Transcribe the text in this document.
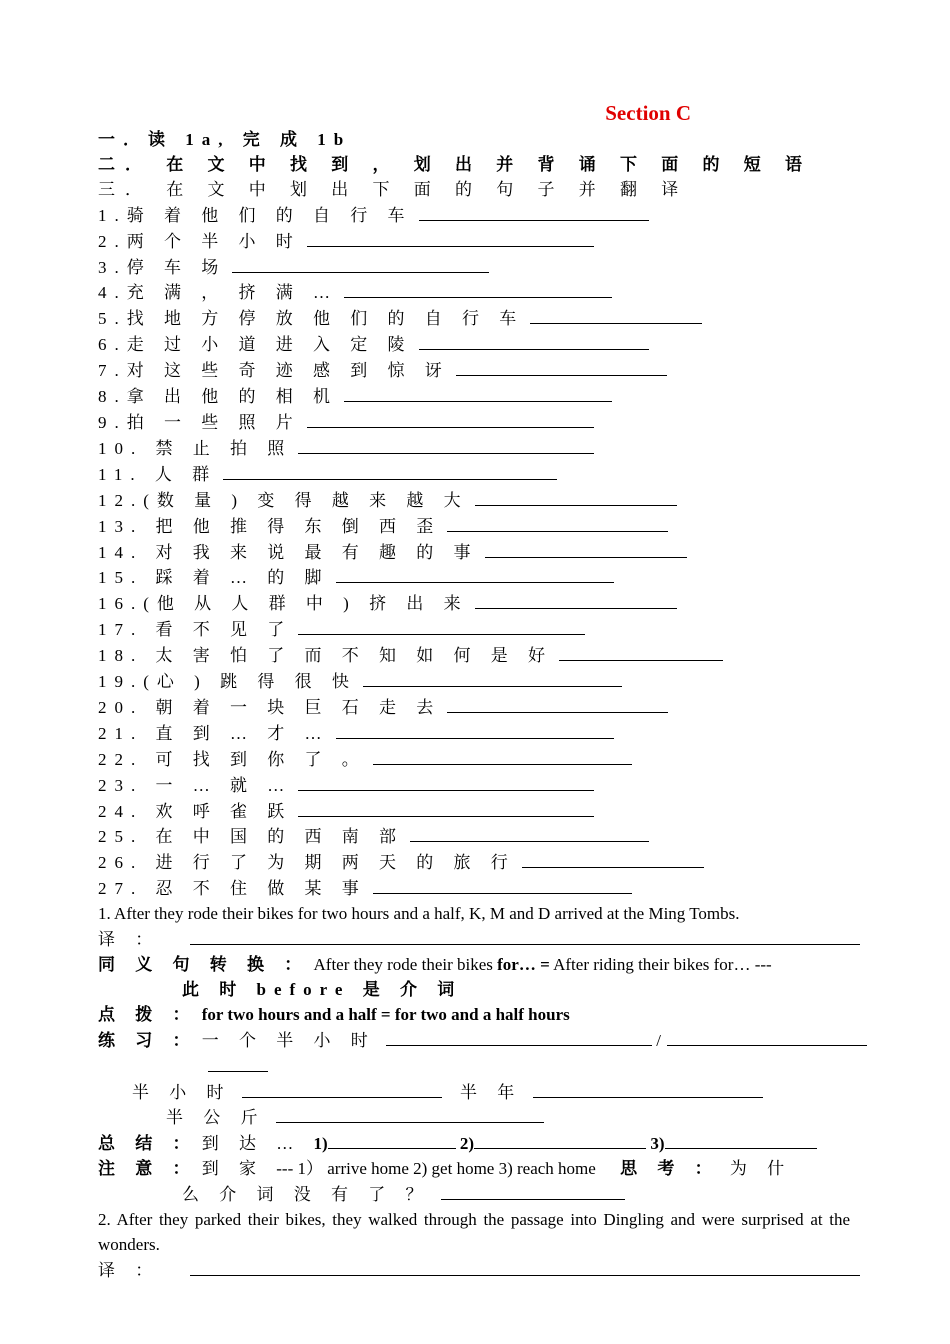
Section C
一．读 1a, 完 成 1b
二． 在 文 中 找 到 ， 划 出 并 背 诵 下 面 的 短 语
三． 在 文 中 划 出 下 面 的 句 子 并 翻 译
1.骑 着 他 们 的 自 行 车
2.两 个 半 小 时
3.停 车 场
4.充 满 ， 挤 满 …
5.找 地 方 停 放 他 们 的 自 行 车
6.走 过 小 道 进 入 定 陵
7.对 这 些 奇 迹 感 到 惊 讶
8.拿 出 他 的 相 机
9.拍 一 些 照 片
10. 禁 止 拍 照
11. 人 群
12.(数 量 ) 变 得 越 来 越 大
13. 把 他 推 得 东 倒 西 歪
14. 对 我 来 说 最 有 趣 的 事
15. 踩 着 … 的 脚
16.(他 从 人 群 中 ) 挤 出 来
17. 看 不 见 了
18. 太 害 怕 了 而 不 知 如 何 是 好
19.(心 ) 跳 得 很 快
20. 朝 着 一 块 巨 石 走 去
21. 直 到 … 才 …
22. 可 找 到 你 了 。
23. 一 … 就 …
24. 欢 呼 雀 跃
25. 在 中 国 的 西 南 部
26. 进 行 了 为 期 两 天 的 旅 行
27. 忍 不 住 做 某 事
1. After they rode their bikes for two hours and a half, K, M and D arrived at the Ming Tombs.
译 ：
同 义 句 转 换 ： After they rode their bikes for… = After riding their bikes for… ---
此 时 before 是 介 词
点 拨 ： for two hours and a half = for two and a half hours
练 习 ： 一 个 半 小 时	/
半 小 时	半 年
半 公 斤
总 结 ： 到 达 … 1)	2)	3)
注 意 ： 到 家 --- 1） arrive home 2) get home 3) reach home 思 考 ： 为 什
么 介 词 没 有 了 ？
2. After they parked their bikes, they walked through the passage into Dingling and were surprised at the wonders.
译 ：
